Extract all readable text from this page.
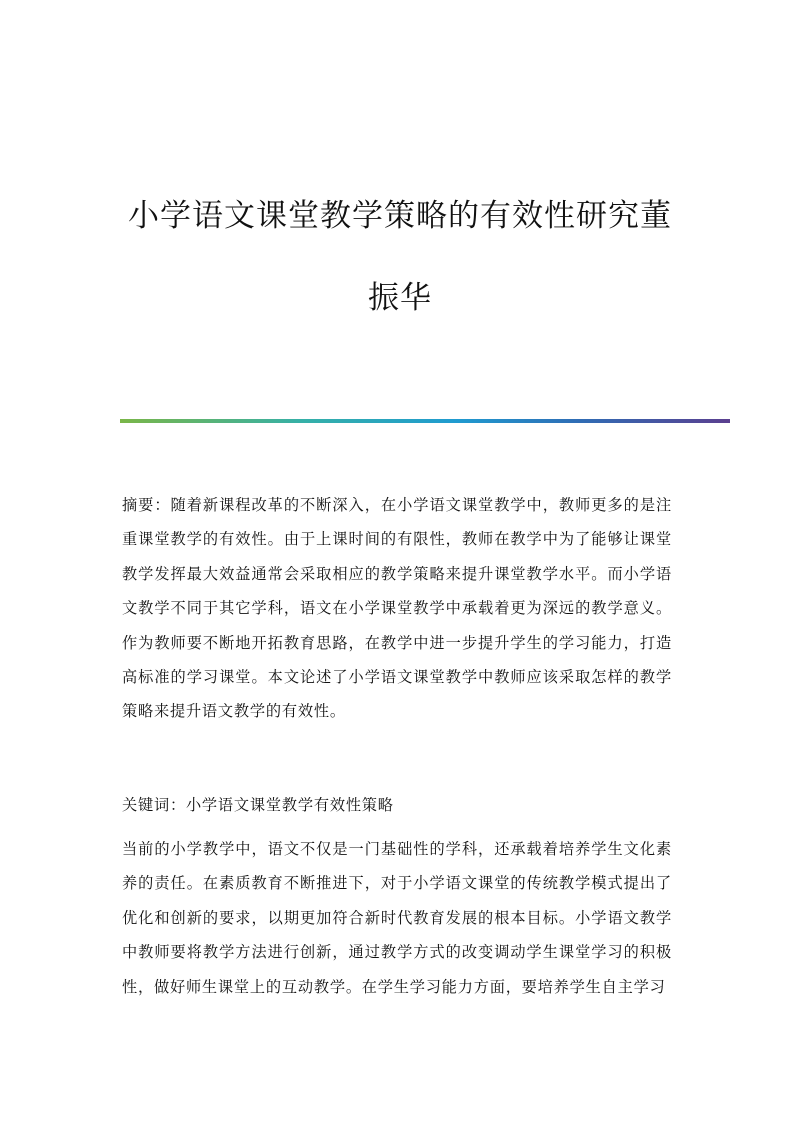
小学语文课堂教学策略的有效性研究董
振华

摘要：随着新课程改革的不断深入，在小学语文课堂教学中，教师更多的是注重课堂教学的有效性。由于上课时间的有限性，教师在教学中为了能够让课堂教学发挥最大效益通常会采取相应的教学策略来提升课堂教学水平。而小学语文教学不同于其它学科，语文在小学课堂教学中承载着更为深远的教学意义。作为教师要不断地开拓教育思路，在教学中进一步提升学生的学习能力，打造高标准的学习课堂。本文论述了小学语文课堂教学中教师应该采取怎样的教学策略来提升语文教学的有效性。

关键词：小学语文课堂教学有效性策略

当前的小学教学中，语文不仅是一门基础性的学科，还承载着培养学生文化素养的责任。在素质教育不断推进下，对于小学语文课堂的传统教学模式提出了优化和创新的要求，以期更加符合新时代教育发展的根本目标。小学语文教学中教师要将教学方法进行创新，通过教学方式的改变调动学生课堂学习的积极性，做好师生课堂上的互动教学。在学生学习能力方面，要培养学生自主学习
